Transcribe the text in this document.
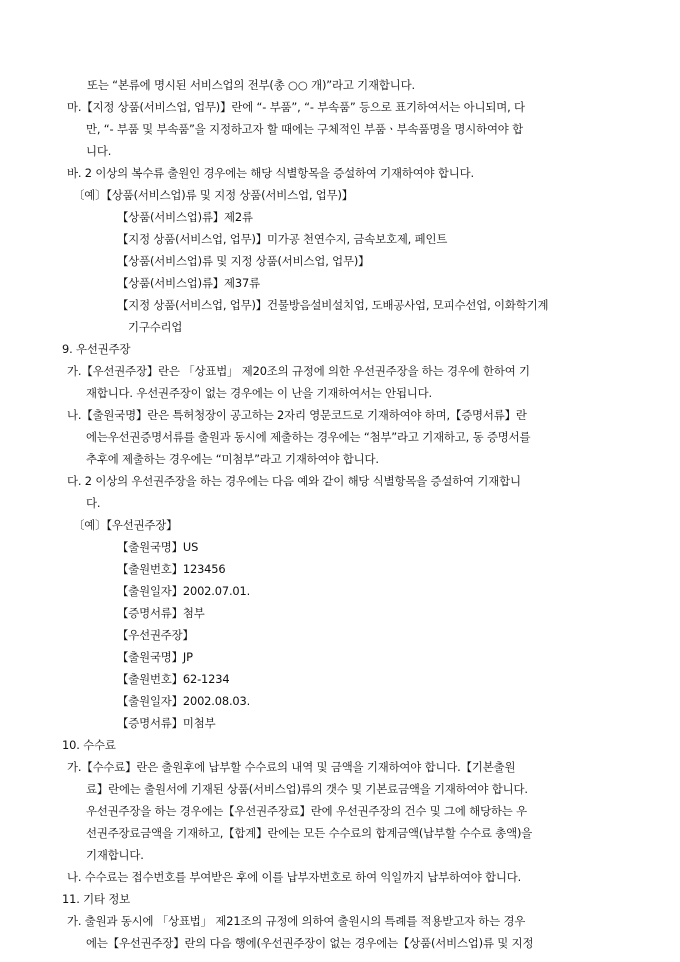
또는 “본류에 명시된 서비스업의 전부(총 ○○ 개)”라고 기재합니다.
마.【지정 상품(서비스업, 업무)】란에 “- 부품”, “- 부속품” 등으로 표기하여서는 아니되며, 다
만, “- 부품 및 부속품”을 지정하고자 할 때에는 구체적인 부품ㆍ부속품명을 명시하여야 합
니다.
바. 2 이상의 복수류 출원인 경우에는 해당 식별항목을 증설하여 기재하여야 합니다.
〔예〕【상품(서비스업)류 및 지정 상품(서비스업, 업무)】
【상품(서비스업)류】제2류
【지정 상품(서비스업, 업무)】미가공 천연수지, 금속보호제, 페인트
【상품(서비스업)류 및 지정 상품(서비스업, 업무)】
【상품(서비스업)류】제37류
【지정 상품(서비스업, 업무)】건물방음설비설치업, 도배공사업, 모피수선업, 이화학기계
기구수리업
9. 우선권주장
가.【우선권주장】란은 「상표법」 제20조의 규정에 의한 우선권주장을 하는 경우에 한하여 기
재합니다. 우선권주장이 없는 경우에는 이 난을 기재하여서는 안됩니다.
나.【출원국명】란은 특허청장이 공고하는 2자리 영문코드로 기재하여야 하며,【증명서류】란
에는우선권증명서류를 출원과 동시에 제출하는 경우에는 “첨부”라고 기재하고, 동 증명서를
추후에 제출하는 경우에는 “미첨부”라고 기재하여야 합니다.
다. 2 이상의 우선권주장을 하는 경우에는 다음 예와 같이 해당 식별항목을 증설하여 기재합니
다.
〔예〕【우선권주장】
【출원국명】US
【출원번호】123456
【출원일자】2002.07.01.
【증명서류】첨부
【우선권주장】
【출원국명】JP
【출원번호】62-1234
【출원일자】2002.08.03.
【증명서류】미첨부
10. 수수료
가.【수수료】란은 출원후에 납부할 수수료의 내역 및 금액을 기재하여야 합니다.【기본출원
료】란에는 출원서에 기재된 상품(서비스업)류의 갯수 및 기본료금액을 기재하여야 합니다.
우선권주장을 하는 경우에는【우선권주장료】란에 우선권주장의 건수 및 그에 해당하는 우
선권주장료금액을 기재하고,【합계】란에는 모든 수수료의 합계금액(납부할 수수료 총액)을
기재합니다.
나. 수수료는 접수번호를 부여받은 후에 이를 납부자번호로 하여 익일까지 납부하여야 합니다.
11. 기타 정보
가. 출원과 동시에 「상표법」 제21조의 규정에 의하여 출원시의 특례를 적용받고자 하는 경우
에는【우선권주장】란의 다음 행에(우선권주장이 없는 경우에는【상품(서비스업)류 및 지정
